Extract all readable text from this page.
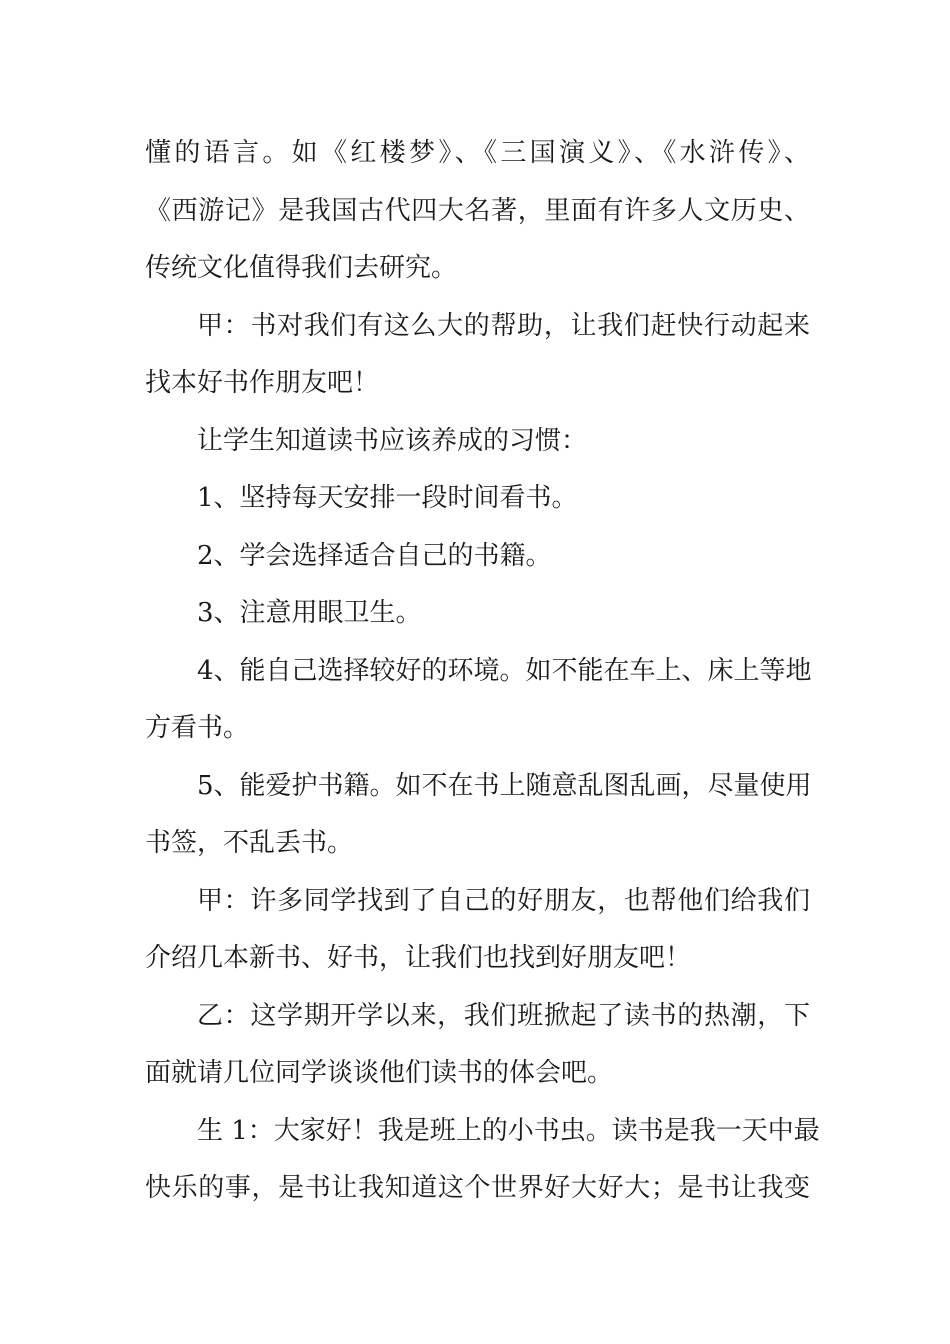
懂的语言。如《红楼梦》、《三国演义》、《水浒传》、
《西游记》是我国古代四大名著，里面有许多人文历史、
传统文化值得我们去研究。
甲：书对我们有这么大的帮助，让我们赶快行动起来
找本好书作朋友吧！
让学生知道读书应该养成的习惯：
1、坚持每天安排一段时间看书。
2、学会选择适合自己的书籍。
3、注意用眼卫生。
4、能自己选择较好的环境。如不能在车上、床上等地
方看书。
5、能爱护书籍。如不在书上随意乱图乱画，尽量使用
书签，不乱丢书。
甲：许多同学找到了自己的好朋友，也帮他们给我们
介绍几本新书、好书，让我们也找到好朋友吧！
乙：这学期开学以来，我们班掀起了读书的热潮，下
面就请几位同学谈谈他们读书的体会吧。
生 1：大家好！我是班上的小书虫。读书是我一天中最
快乐的事，是书让我知道这个世界好大好大；是书让我变
